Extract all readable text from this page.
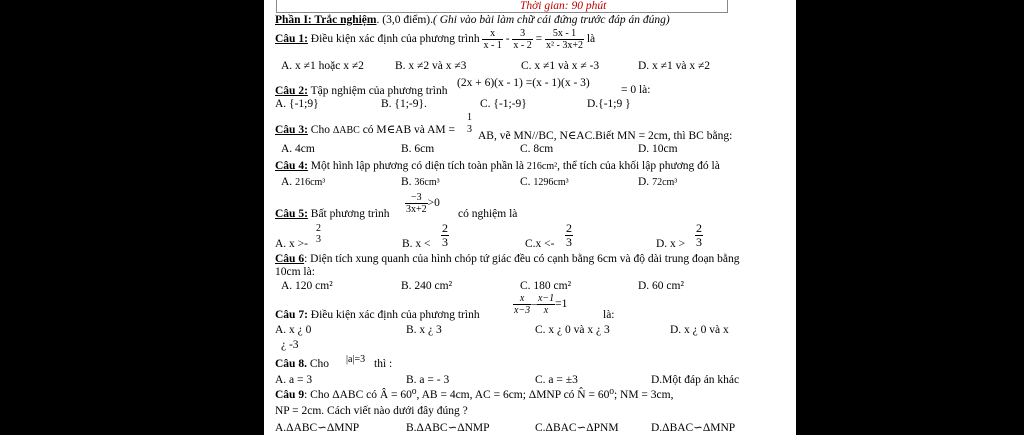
Thời gian: 90 phút
Phần I: Trắc nghiệm. (3,0 điểm).( Ghi vào bài làm chữ cái đứng trước đáp án đúng)
Câu 1: Điều kiện xác định của phương trình $\frac{x}{x - 1} - \frac{3}{x - 2} = \frac{5x - 1}{\text{x² - 3x+2}}$ là
A. x ≠1 hoặc x ≠2	B. x ≠2 và x ≠3	C. x ≠1 và x ≠ -3	D. x ≠1 và x ≠2
Câu 2: Tập nghiệm của phương trình
(2x + 6)(x - 1) =(x - 1)(x - 3)
= 0 là:
A. {-1;9}	B. {1;-9}.	C. {-1;-9}	D.{-1;9 }
Câu 3: Cho ΔABC có M∈AB và AM =
1
3
AB, vẽ MN//BC, N∈AC.Biết MN = 2cm, thì BC bằng:
A. 4cm	B. 6cm	C. 8cm	D. 10cm
Câu 4: Một hình lập phương có diện tích toàn phần là 216cm², thể tích của khối lập phương đó là
A. 216cm³	B. 36cm³	C. 1296cm³	D. 72cm³
Câu 5: Bất phương trình $\frac{-3}{3x+2} >0$
có nghiệm là
A. x >-
2
3	B. $x < \frac{2}{3}$	$C.x <- \frac{2}{3}$	D. $x > \frac{2}{3}$
Câu 6: Diện tích xung quanh của hình chóp tứ giác đều có cạnh bằng 6cm và độ dài trung đoạn bằng
10cm là:
A. 120 cm²	B. 240 cm²	C. 180 cm²	D. 60 cm²
Câu 7: Điều kiện xác định của phương trình	$\frac{x}{x-3} - \frac{x-1}{x} =1$
là:
A. x ¿ 0	B. x ¿ 3	C. x ¿ 0 và x ¿ 3	D. x ¿ 0 và x
¿ -3
Câu 8. Cho |a|=3 thì :
A. a = 3	B. a = - 3	C. a = ±3	D.Một đáp án khác
Câu 9: Cho ΔABC có Â = 60⁰, AB = 4cm, AC = 6cm; ΔMNP có N̂ = 60⁰; NM = 3cm,
NP = 2cm. Cách viết nào dưới đây đúng ?
A.ΔABC∽ΔMNP	B.ΔABC∽ΔNMP	C.ΔBAC∽ΔPNM	D.ΔBAC∽ΔMNP
